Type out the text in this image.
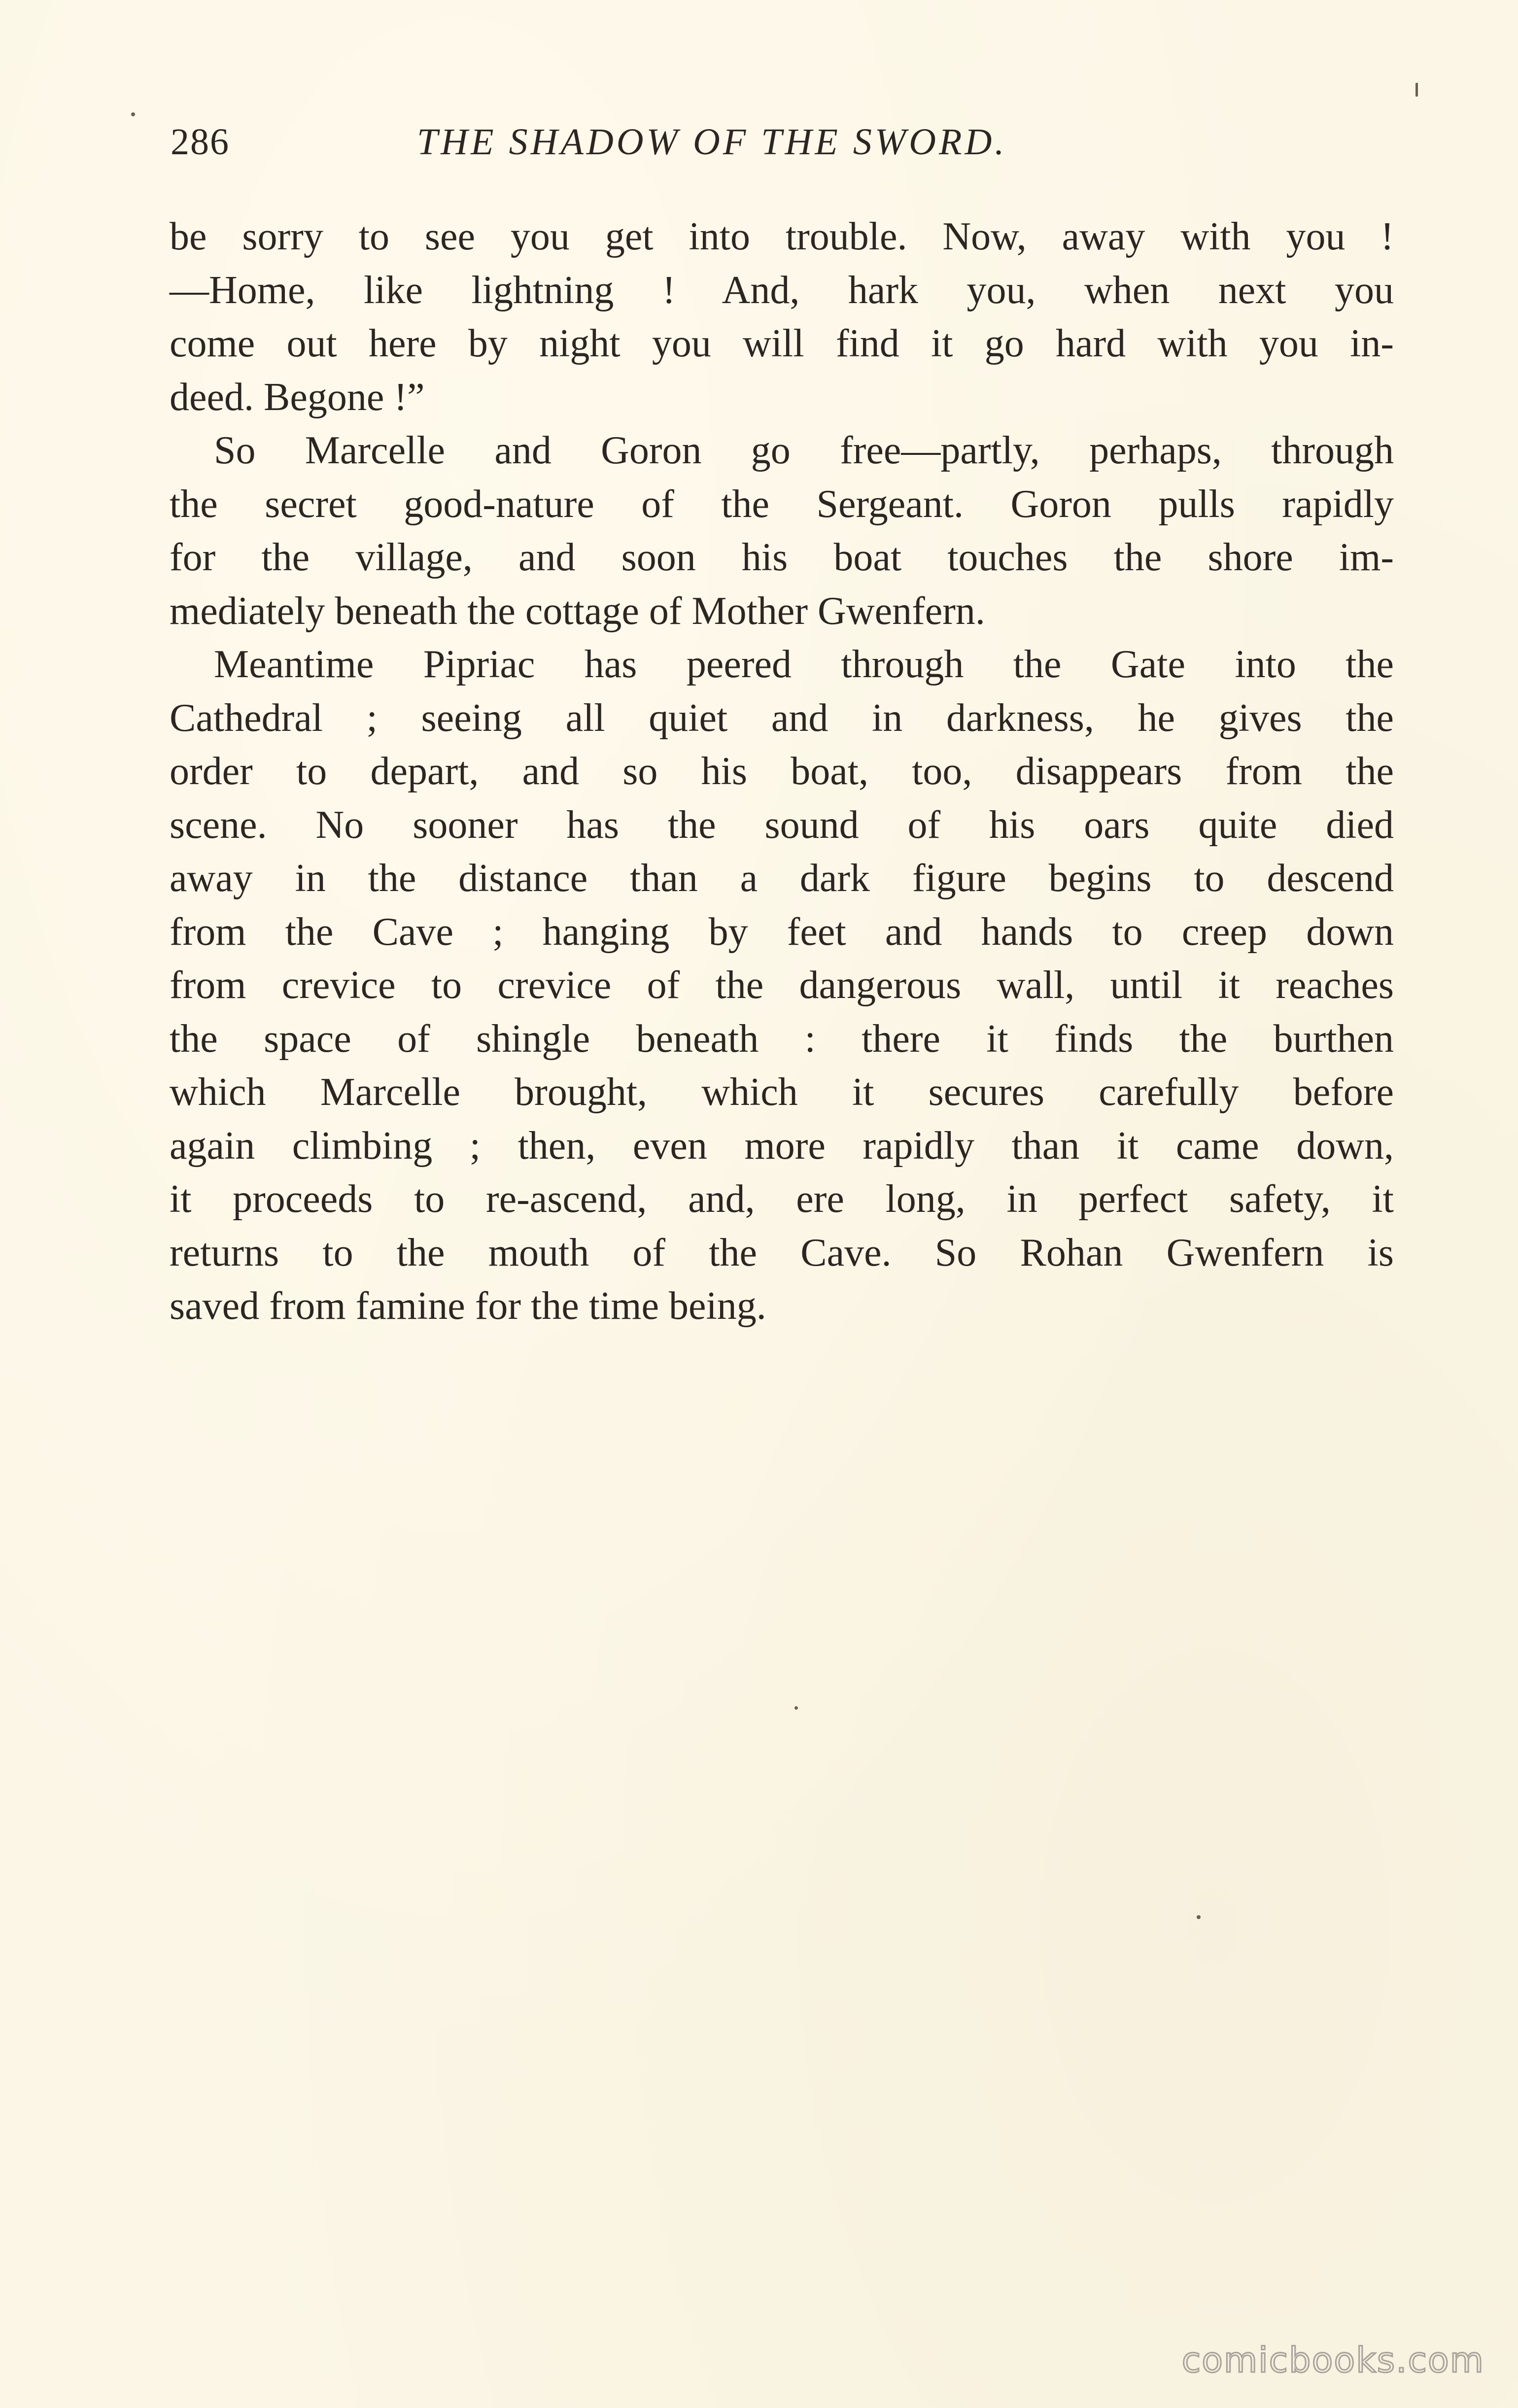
286	THE SHADOW OF THE SWORD.
be sorry to see you get into trouble. Now, away with you !
—Home, like lightning ! And, hark you, when next you
come out here by night you will find it go hard with you in-
deed. Begone !”
So Marcelle and Goron go free—partly, perhaps, through
the secret good-nature of the Sergeant. Goron pulls rapidly
for the village, and soon his boat touches the shore im-
mediately beneath the cottage of Mother Gwenfern.
Meantime Pipriac has peered through the Gate into the
Cathedral ; seeing all quiet and in darkness, he gives the
order to depart, and so his boat, too, disappears from the
scene. No sooner has the sound of his oars quite died
away in the distance than a dark figure begins to descend
from the Cave ; hanging by feet and hands to creep down
from crevice to crevice of the dangerous wall, until it reaches
the space of shingle beneath : there it finds the burthen
which Marcelle brought, which it secures carefully before
again climbing ; then, even more rapidly than it came down,
it proceeds to re-ascend, and, ere long, in perfect safety, it
returns to the mouth of the Cave. So Rohan Gwenfern is
saved from famine for the time being.
comicbooks.com
